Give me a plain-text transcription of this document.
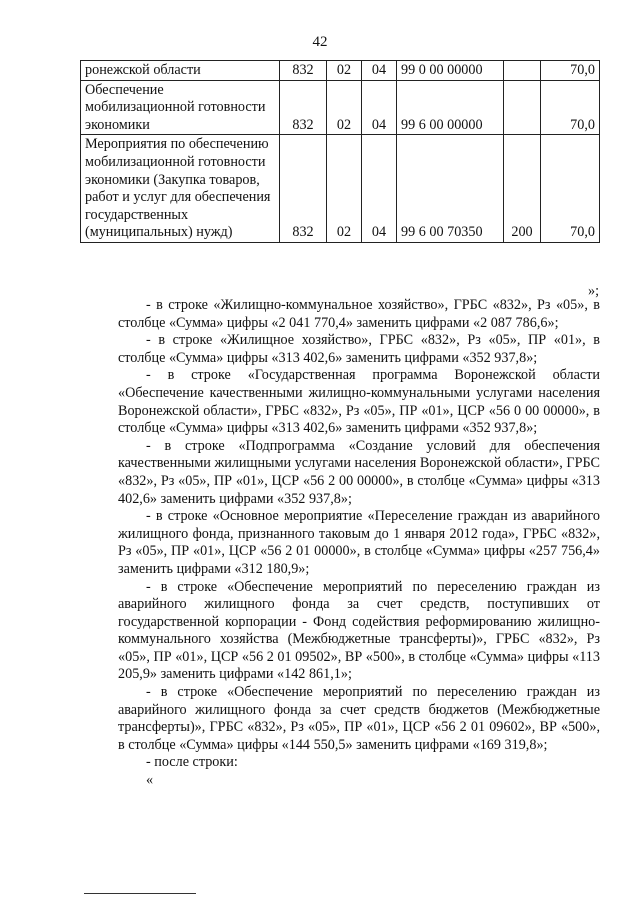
42
ронежской области	832	02	04	99 0 00 00000		70,0
Обеспечение мобилизационной готовности экономики	832	02	04	99 6 00 00000		70,0
Мероприятия по обеспечению мобилизационной готовности экономики (Закупка товаров, работ и услуг для обеспечения государственных (муниципальных) нужд)	832	02	04	99 6 00 70350	200	70,0
»;

- в строке «Жилищно-коммунальное хозяйство», ГРБС «832», Рз «05», в столбце «Сумма» цифры «2 041 770,4» заменить цифрами «2 087 786,6»;

- в строке «Жилищное хозяйство», ГРБС «832», Рз «05», ПР «01», в столбце «Сумма» цифры «313 402,6» заменить цифрами «352 937,8»;

- в строке «Государственная программа Воронежской области «Обеспечение качественными жилищно-коммунальными услугами населения Воронежской области», ГРБС «832», Рз «05», ПР «01», ЦСР «56 0 00 00000», в столбце «Сумма» цифры «313 402,6» заменить цифрами «352 937,8»;

- в строке «Подпрограмма «Создание условий для обеспечения качественными жилищными услугами населения Воронежской области», ГРБС «832», Рз «05», ПР «01», ЦСР «56 2 00 00000», в столбце «Сумма» цифры «313 402,6» заменить цифрами «352 937,8»;

- в строке «Основное мероприятие «Переселение граждан из аварийного жилищного фонда, признанного таковым до 1 января 2012 года», ГРБС «832», Рз «05», ПР «01», ЦСР «56 2 01 00000», в столбце «Сумма» цифры «257 756,4» заменить цифрами «312 180,9»;

- в строке «Обеспечение мероприятий по переселению граждан из аварийного жилищного фонда за счет средств, поступивших от государственной корпорации - Фонд содействия реформированию жилищно-коммунального хозяйства (Межбюджетные трансферты)», ГРБС «832», Рз «05», ПР «01», ЦСР «56 2 01 09502», ВР «500», в столбце «Сумма» цифры «113 205,9» заменить цифрами «142 861,1»;

- в строке «Обеспечение мероприятий по переселению граждан из аварийного жилищного фонда за счет средств бюджетов (Межбюджетные трансферты)», ГРБС «832», Рз «05», ПР «01», ЦСР «56 2 01 09602», ВР «500», в столбце «Сумма» цифры «144 550,5» заменить цифрами «169 319,8»;

- после строки:

«
